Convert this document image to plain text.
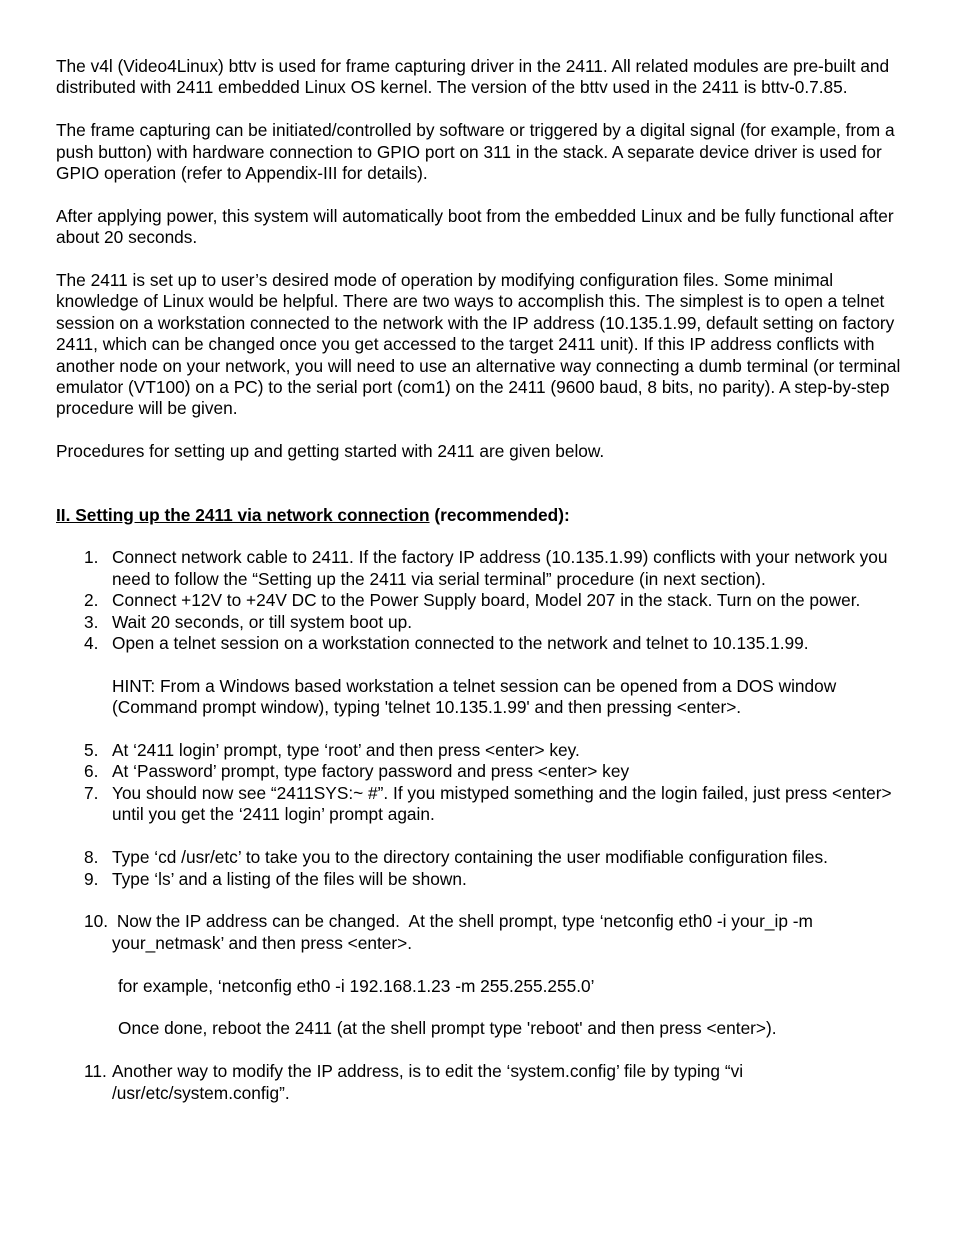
The v4l (Video4Linux) bttv is used for frame capturing driver in the 2411. All related modules are pre-built and distributed with 2411 embedded Linux OS kernel. The version of the bttv used in the 2411 is bttv-0.7.85.

The frame capturing can be initiated/controlled by software or triggered by a digital signal (for example, from a push button) with hardware connection to GPIO port on 311 in the stack. A separate device driver is used for GPIO operation (refer to Appendix-III for details).

After applying power, this system will automatically boot from the embedded Linux and be fully functional after about 20 seconds.

The 2411 is set up to user’s desired mode of operation by modifying configuration files. Some minimal knowledge of Linux would be helpful. There are two ways to accomplish this. The simplest is to open a telnet session on a workstation connected to the network with the IP address (10.135.1.99, default setting on factory 2411, which can be changed once you get accessed to the target 2411 unit). If this IP address conflicts with another node on your network, you will need to use an alternative way connecting a dumb terminal (or terminal emulator (VT100) on a PC) to the serial port (com1) on the 2411 (9600 baud, 8 bits, no parity). A step-by-step procedure will be given.

Procedures for setting up and getting started with 2411 are given below.

II. Setting up the 2411 via network connection (recommended):

1. Connect network cable to 2411. If the factory IP address (10.135.1.99) conflicts with your network you need to follow the “Setting up the 2411 via serial terminal” procedure (in next section).
2. Connect +12V to +24V DC to the Power Supply board, Model 207 in the stack. Turn on the power.
3. Wait 20 seconds, or till system boot up.
4. Open a telnet session on a workstation connected to the network and telnet to 10.135.1.99.
HINT: From a Windows based workstation a telnet session can be opened from a DOS window (Command prompt window), typing 'telnet 10.135.1.99' and then pressing <enter>.
5. At ‘2411 login’ prompt, type ‘root’ and then press <enter> key.
6. At ‘Password’ prompt, type factory password and press <enter> key
7. You should now see “2411SYS:~ #”. If you mistyped something and the login failed, just press <enter> until you get the ‘2411 login’ prompt again.
8. Type ‘cd /usr/etc’ to take you to the directory containing the user modifiable configuration files.
9. Type ‘ls’ and a listing of the files will be shown.
10. Now the IP address can be changed.  At the shell prompt, type ‘netconfig eth0 -i your_ip -m your_netmask’ and then press <enter>.
for example, ‘netconfig eth0 -i 192.168.1.23 -m 255.255.255.0’
Once done, reboot the 2411 (at the shell prompt type 'reboot' and then press <enter>).
11. Another way to modify the IP address, is to edit the ‘system.config’ file by typing “vi /usr/etc/system.config”.
